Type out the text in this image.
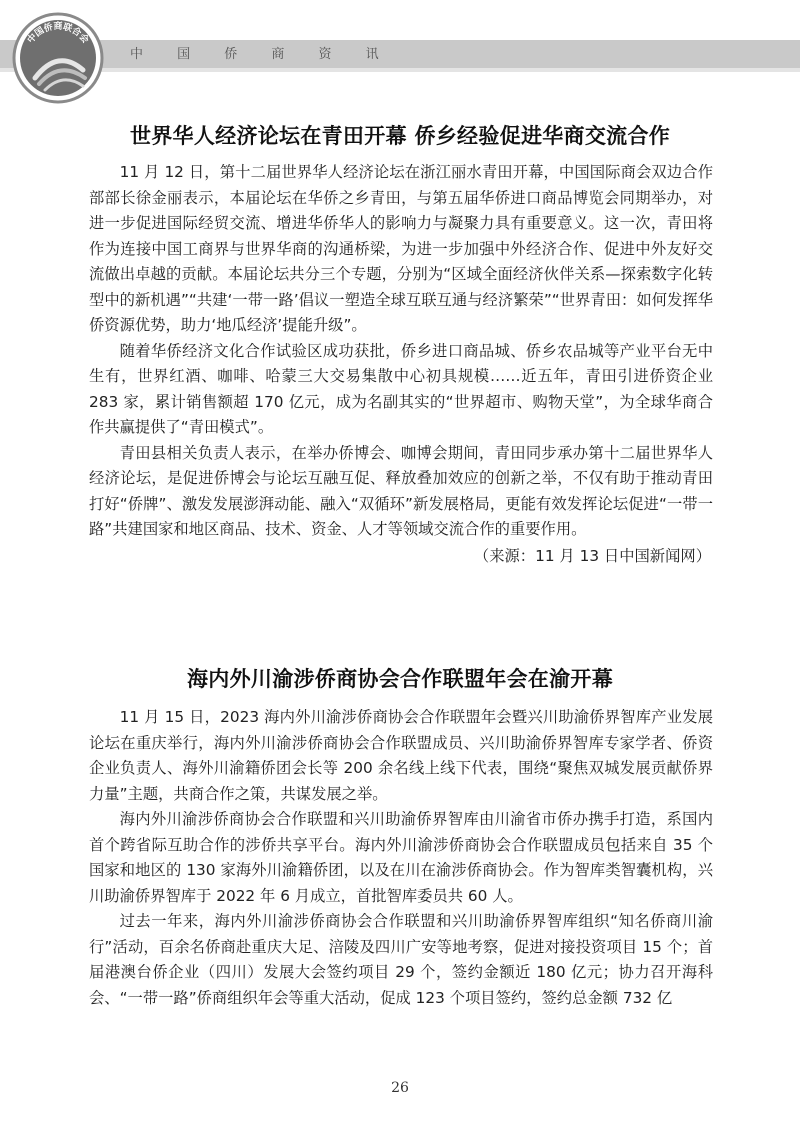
中 国 侨 商 资 讯
中国侨商联合会
世界华人经济论坛在青田开幕 侨乡经验促进华商交流合作

11 月 12 日，第十二届世界华人经济论坛在浙江丽水青田开幕，中国国际商会双边合作部部长徐金丽表示，本届论坛在华侨之乡青田，与第五届华侨进口商品博览会同期举办，对进一步促进国际经贸交流、增进华侨华人的影响力与凝聚力具有重要意义。这一次，青田将作为连接中国工商界与世界华商的沟通桥梁，为进一步加强中外经济合作、促进中外友好交流做出卓越的贡献。本届论坛共分三个专题，分别为“区域全面经济伙伴关系—探索数字化转型中的新机遇”“共建‘一带一路’倡议一塑造全球互联互通与经济繁荣”“世界青田：如何发挥华侨资源优势，助力‘地瓜经济’提能升级”。

随着华侨经济文化合作试验区成功获批，侨乡进口商品城、侨乡农品城等产业平台无中生有，世界红酒、咖啡、哈蒙三大交易集散中心初具规模……近五年，青田引进侨资企业 283 家，累计销售额超 170 亿元，成为名副其实的“世界超市、购物天堂”，为全球华商合作共赢提供了“青田模式”。

青田县相关负责人表示，在举办侨博会、咖博会期间，青田同步承办第十二届世界华人经济论坛，是促进侨博会与论坛互融互促、释放叠加效应的创新之举，不仅有助于推动青田打好“侨牌”、激发发展澎湃动能、融入“双循环”新发展格局，更能有效发挥论坛促进“一带一路”共建国家和地区商品、技术、资金、人才等领域交流合作的重要作用。

（来源：11 月 13 日中国新闻网）

海内外川渝涉侨商协会合作联盟年会在渝开幕

11 月 15 日，2023 海内外川渝涉侨商协会合作联盟年会暨兴川助渝侨界智库产业发展论坛在重庆举行，海内外川渝涉侨商协会合作联盟成员、兴川助渝侨界智库专家学者、侨资企业负责人、海外川渝籍侨团会长等 200 余名线上线下代表，围绕“聚焦双城发展贡献侨界力量”主题，共商合作之策，共谋发展之举。

海内外川渝涉侨商协会合作联盟和兴川助渝侨界智库由川渝省市侨办携手打造，系国内首个跨省际互助合作的涉侨共享平台。海内外川渝涉侨商协会合作联盟成员包括来自 35 个国家和地区的 130 家海外川渝籍侨团，以及在川在渝涉侨商协会。作为智库类智囊机构，兴川助渝侨界智库于 2022 年 6 月成立，首批智库委员共 60 人。

过去一年来，海内外川渝涉侨商协会合作联盟和兴川助渝侨界智库组织“知名侨商川渝行”活动，百余名侨商赴重庆大足、涪陵及四川广安等地考察，促进对接投资项目 15 个；首届港澳台侨企业（四川）发展大会签约项目 29 个，签约金额近 180 亿元；协力召开海科会、“一带一路”侨商组织年会等重大活动，促成 123 个项目签约，签约总金额 732 亿

26
